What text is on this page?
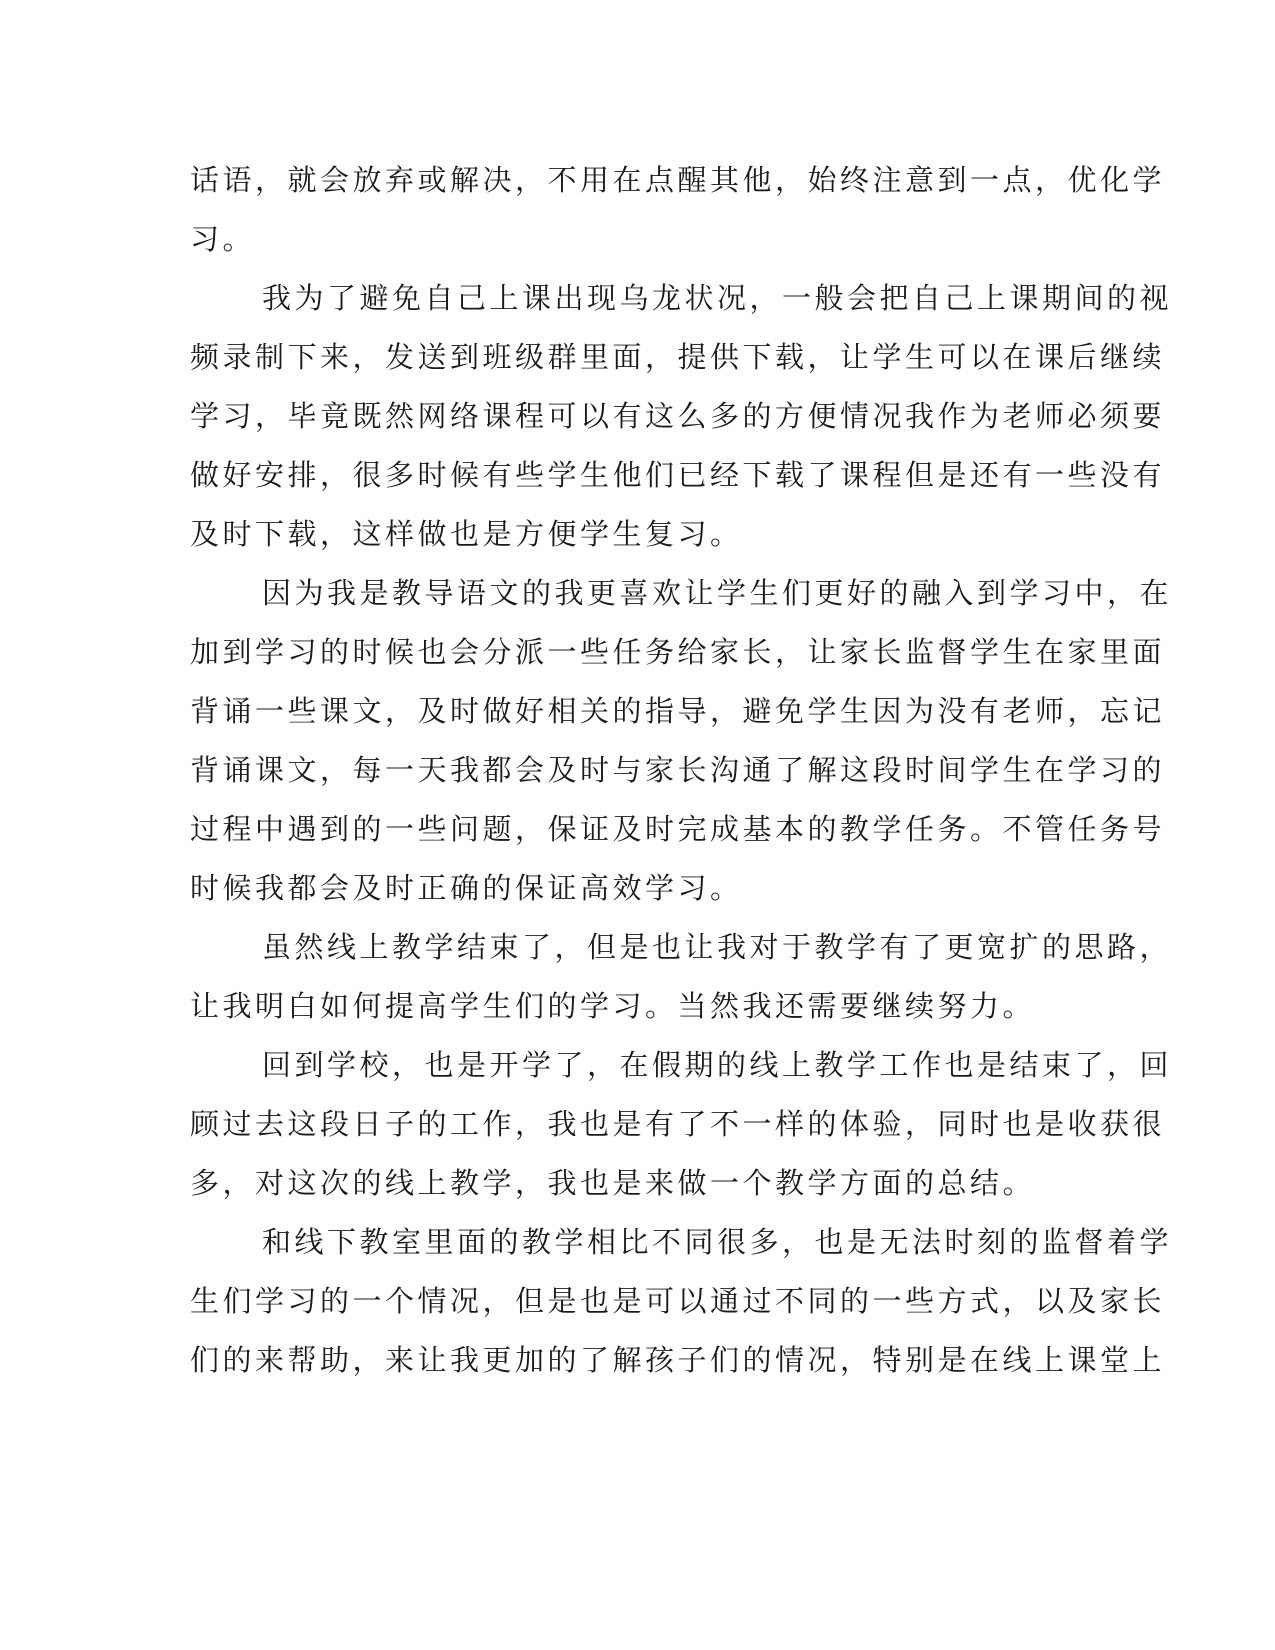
话语，就会放弃或解决，不用在点醒其他，始终注意到一点，优化学
习。
我为了避免自己上课出现乌龙状况，一般会把自己上课期间的视
频录制下来，发送到班级群里面，提供下载，让学生可以在课后继续
学习，毕竟既然网络课程可以有这么多的方便情况我作为老师必须要
做好安排，很多时候有些学生他们已经下载了课程但是还有一些没有
及时下载，这样做也是方便学生复习。
因为我是教导语文的我更喜欢让学生们更好的融入到学习中，在
加到学习的时候也会分派一些任务给家长，让家长监督学生在家里面
背诵一些课文，及时做好相关的指导，避免学生因为没有老师，忘记
背诵课文，每一天我都会及时与家长沟通了解这段时间学生在学习的
过程中遇到的一些问题，保证及时完成基本的教学任务。不管任务号
时候我都会及时正确的保证高效学习。
虽然线上教学结束了，但是也让我对于教学有了更宽扩的思路，
让我明白如何提高学生们的学习。当然我还需要继续努力。
回到学校，也是开学了，在假期的线上教学工作也是结束了，回
顾过去这段日子的工作，我也是有了不一样的体验，同时也是收获很
多，对这次的线上教学，我也是来做一个教学方面的总结。
和线下教室里面的教学相比不同很多，也是无法时刻的监督着学
生们学习的一个情况，但是也是可以通过不同的一些方式，以及家长
们的来帮助，来让我更加的了解孩子们的情况，特别是在线上课堂上
